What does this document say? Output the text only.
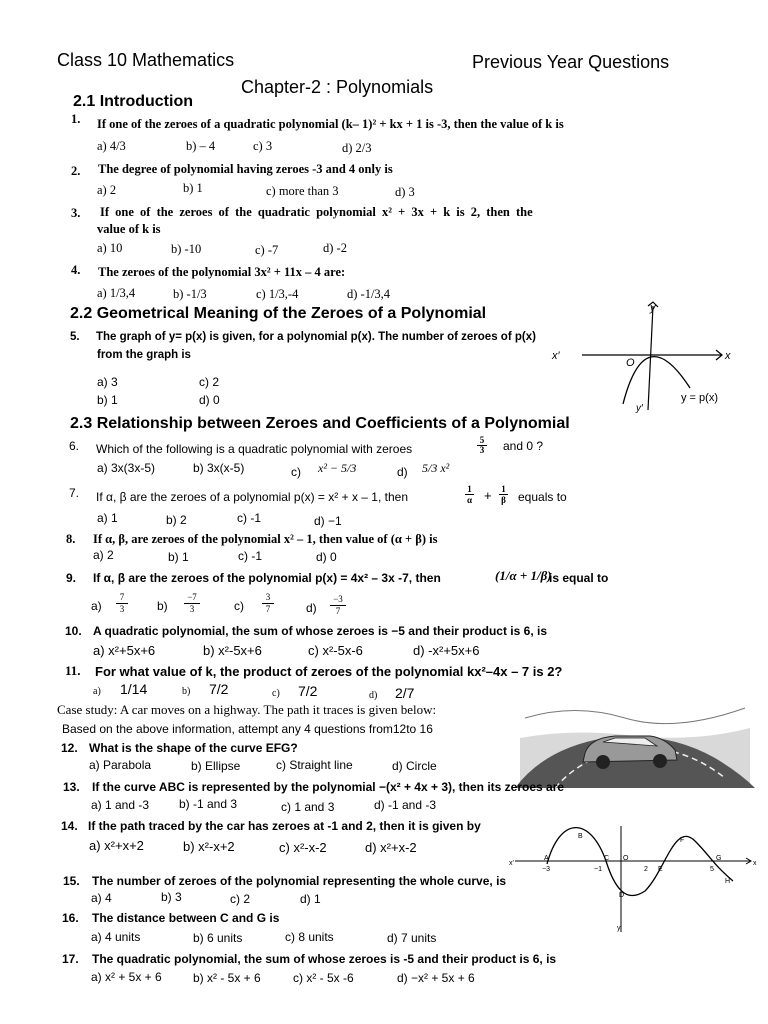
Class 10 Mathematics	Previous Year Questions
Chapter-2 : Polynomials
2.1 Introduction
1. If one of the zeroes of a quadratic polynomial (k– 1)² + kx + 1 is -3, then the value of k is
a) 4/3	b) – 4	c) 3	d) 2/3
2. The degree of polynomial having zeroes -3 and 4 only is
a) 2	b) 1	c) more than 3	d) 3
3. If one of the zeroes of the quadratic polynomial x² + 3x + k is 2, then the
value of k is
a) 10	b) -10	c) -7	d) -2
4. The zeroes of the polynomial 3x² + 11x – 4 are:
a) 1/3,4	b) -1/3	c) 1/3,-4	d) -1/3,4
2.2 Geometrical Meaning of the Zeroes of a Polynomial
5. The graph of y= p(x) is given, for a polynomial p(x). The number of zeroes of p(x)
from the graph is
a) 3	c) 2
b) 1	d) 0
y
x
x′
O
y′
y = p(x)
2.3 Relationship between Zeroes and Coefficients of a Polynomial
6. Which of the following is a quadratic polynomial with zeroes	$\frac{5}{3}$ and 0 ?
a) 3x(3x-5)	b) 3x(x-5)	c) x² − 5/3	d) 5/3 x²
7. If α, β are the zeroes of a polynomial p(x) = x² + x – 1, then	$\frac{1}{\alpha} + \frac{1}{\beta}$ equals to
a) 1	b) 2	c) -1	d) −1
8. If α, β, are zeroes of the polynomial x² – 1, then value of (α + β) is
a) 2	b) 1	c) -1	d) 0
9. If α, β are the zeroes of the polynomial p(x) = 4x² – 3x -7, then	(1/α + 1/β)
is equal to
$a) \frac{7}{3} b) \frac{-7}{3}$	$c) \frac{3}{7}$	$d) \frac{-3}{7}$
10. A quadratic polynomial, the sum of whose zeroes is −5 and their product is 6, is
a) x²+5x+6	b) x²-5x+6	c) x²-5x-6	d) -x²+5x+6
11. For what value of k, the product of zeroes of the polynomial kx²–4x – 7 is 2?
a) 1/14	b) 7/2	c) 7/2	d) 2/7
Case study: A car moves on a highway. The path it traces is given below:
Based on the above information, attempt any 4 questions from12to 16
12. What is the shape of the curve EFG?
a) Parabola	b) Ellipse	c) Straight line	d) Circle
13. If the curve ABC is represented by the polynomial −(x² + 4x + 3), then its zeroes are
a) 1 and -3 b) -1 and 3	c) 1 and 3	d) -1 and -3
14. If the path traced by the car has zeroes at -1 and 2, then it is given by
a) x²+x+2	b) x²-x+2	c) x²-x-2	d) x²+x-2
x′	x
y′
A
B
C O
D
E
F
G
H
−3	−1	2	5
15. The number of zeroes of the polynomial representing the whole curve, is
a) 4	b) 3	c) 2	d) 1
16. The distance between C and G is
a) 4 units	b) 6 units	c) 8 units	d) 7 units
17. The quadratic polynomial, the sum of whose zeroes is -5 and their product is 6, is
a) x² + 5x + 6	b) x² - 5x + 6	c) x² - 5x -6	d) −x² + 5x + 6
